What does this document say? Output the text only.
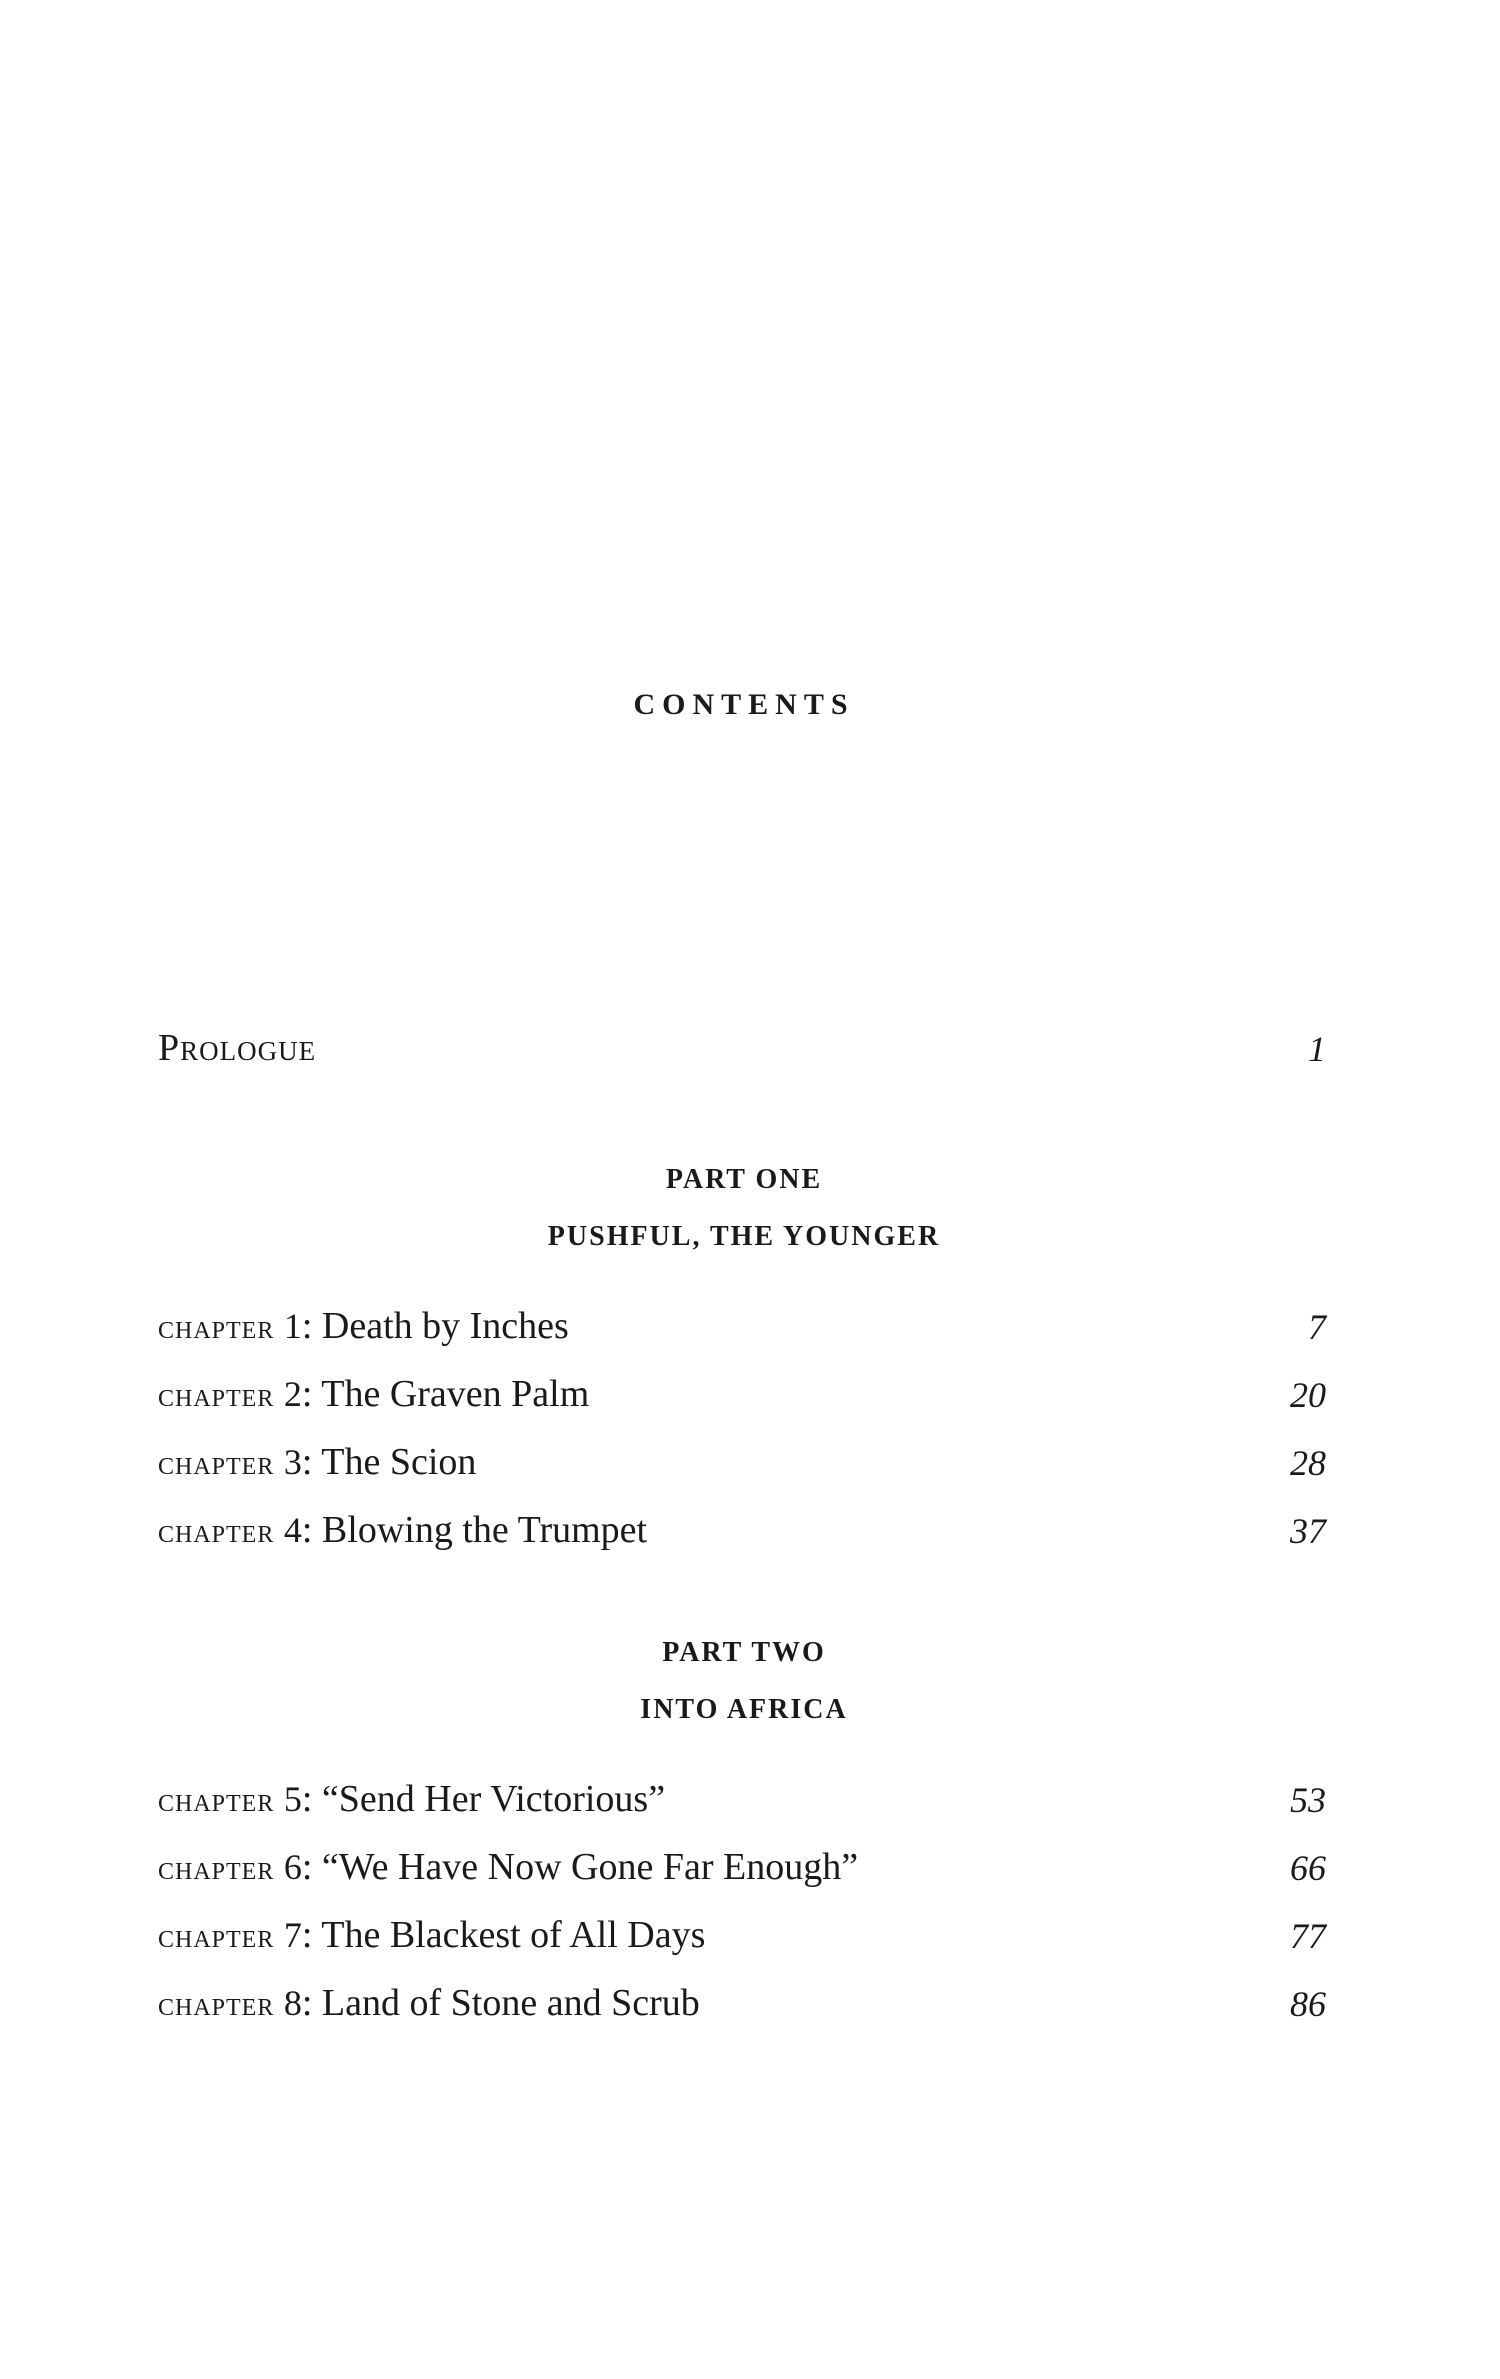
CONTENTS
Prologue	1
PART ONE
PUSHFUL, THE YOUNGER
chapter 1: Death by Inches	7
chapter 2: The Graven Palm	20
chapter 3: The Scion	28
chapter 4: Blowing the Trumpet	37
PART TWO
INTO AFRICA
chapter 5: “Send Her Victorious”	53
chapter 6: “We Have Now Gone Far Enough”	66
chapter 7: The Blackest of All Days	77
chapter 8: Land of Stone and Scrub	86
